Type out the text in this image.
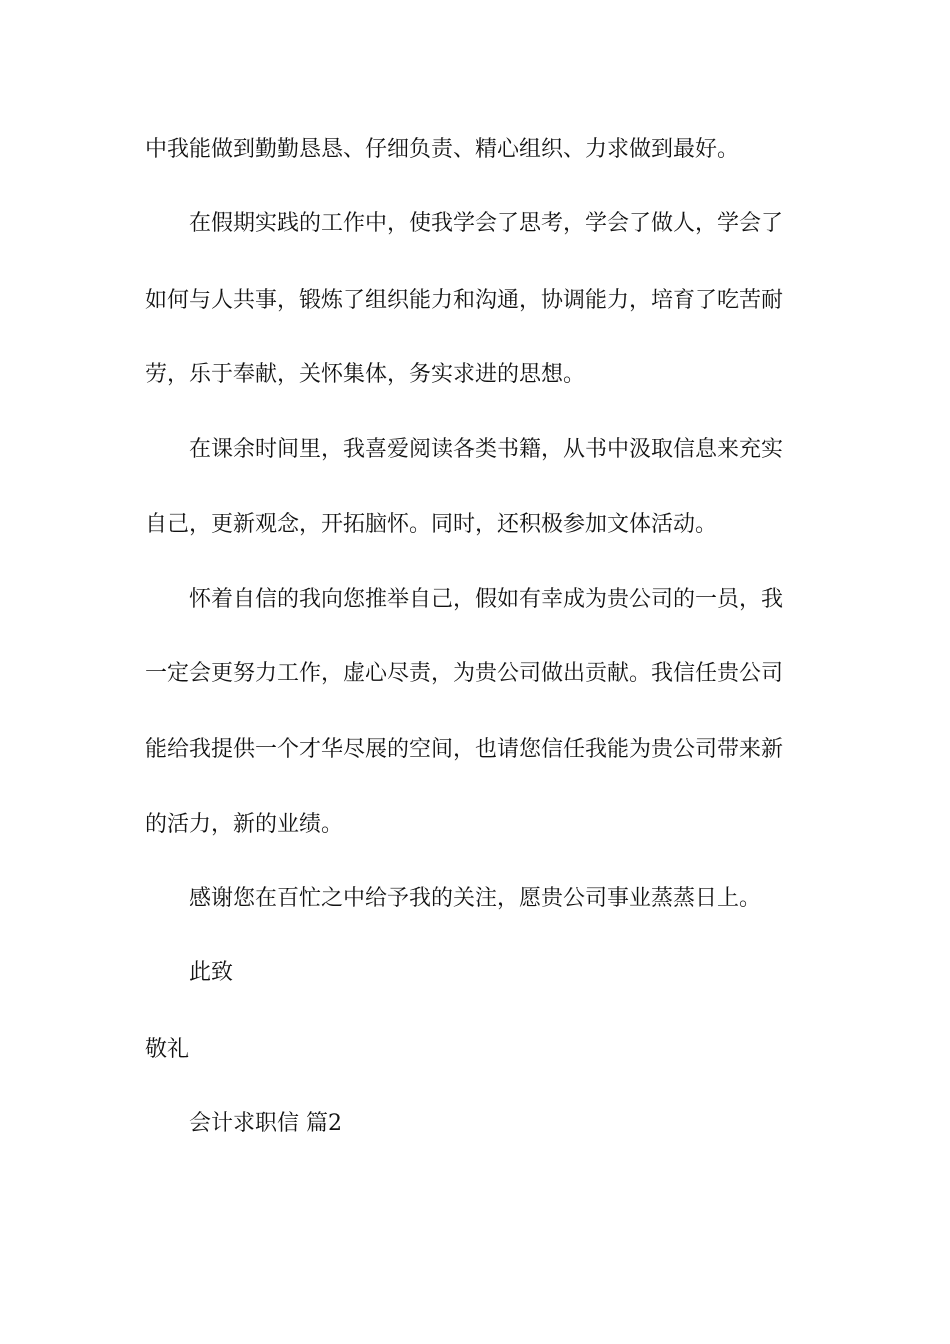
中我能做到勤勤恳恳、仔细负责、精心组织、力求做到最好。

在假期实践的工作中，使我学会了思考，学会了做人，学会了

如何与人共事，锻炼了组织能力和沟通，协调能力，培育了吃苦耐

劳，乐于奉献，关怀集体，务实求进的思想。

在课余时间里，我喜爱阅读各类书籍，从书中汲取信息来充实

自己，更新观念，开拓脑怀。同时，还积极参加文体活动。

怀着自信的我向您推举自己，假如有幸成为贵公司的一员，我

一定会更努力工作，虚心尽责，为贵公司做出贡献。我信任贵公司

能给我提供一个才华尽展的空间，也请您信任我能为贵公司带来新

的活力，新的业绩。

感谢您在百忙之中给予我的关注，愿贵公司事业蒸蒸日上。

此致

敬礼

会计求职信 篇2
